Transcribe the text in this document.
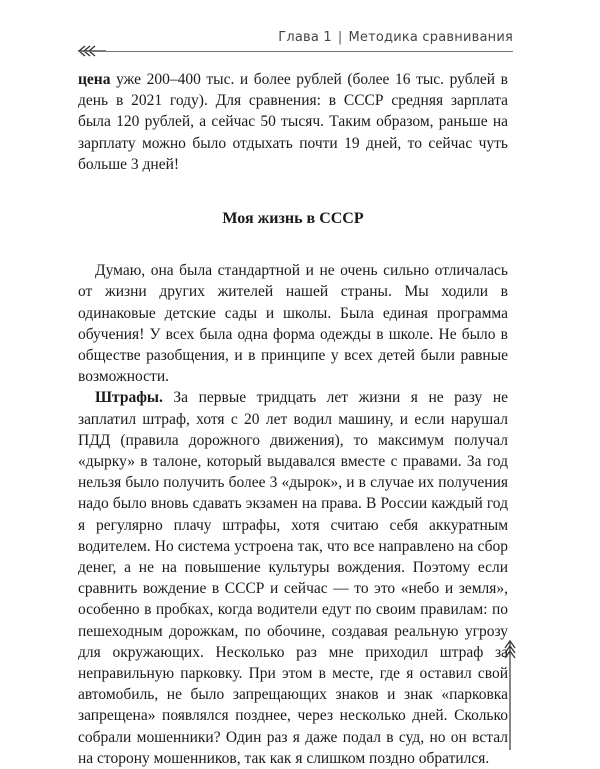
Глава 1 | Методика сравнивания

цена уже 200–400 тыс. и более рублей (более 16 тыс. рублей в день в 2021 году). Для сравнения: в СССР средняя зарплата была 120 рублей, а сейчас 50 тысяч. Таким образом, раньше на зарплату можно было отдыхать почти 19 дней, то сейчас чуть больше 3 дней!

Моя жизнь в СССР

Думаю, она была стандартной и не очень сильно отличалась от жизни других жителей нашей страны. Мы ходили в одинаковые детские сады и школы. Была единая программа обучения! У всех была одна форма одежды в школе. Не было в обществе разобщения, и в принципе у всех детей были равные возможности.

Штрафы. За первые тридцать лет жизни я не разу не заплатил штраф, хотя с 20 лет водил машину, и если нарушал ПДД (правила дорожного движения), то максимум получал «дырку» в талоне, который выдавался вместе с правами. За год нельзя было получить более 3 «дырок», и в случае их получения надо было вновь сдавать экзамен на права. В России каждый год я регулярно плачу штрафы, хотя считаю себя аккуратным водителем. Но система устроена так, что все направлено на сбор денег, а не на повышение культуры вождения. Поэтому если сравнить вождение в СССР и сейчас — то это «небо и земля», особенно в пробках, когда водители едут по своим правилам: по пешеходным дорожкам, по обочине, создавая реальную угрозу для окружающих. Несколько раз мне приходил штраф за неправильную парковку. При этом в месте, где я оставил свой автомобиль, не было запрещающих знаков и знак «парковка запрещена» появлялся позднее, через несколько дней. Сколько собрали мошенники? Один раз я даже подал в суд, но он встал на сторону мошенников, так как я слишком поздно обратился.
